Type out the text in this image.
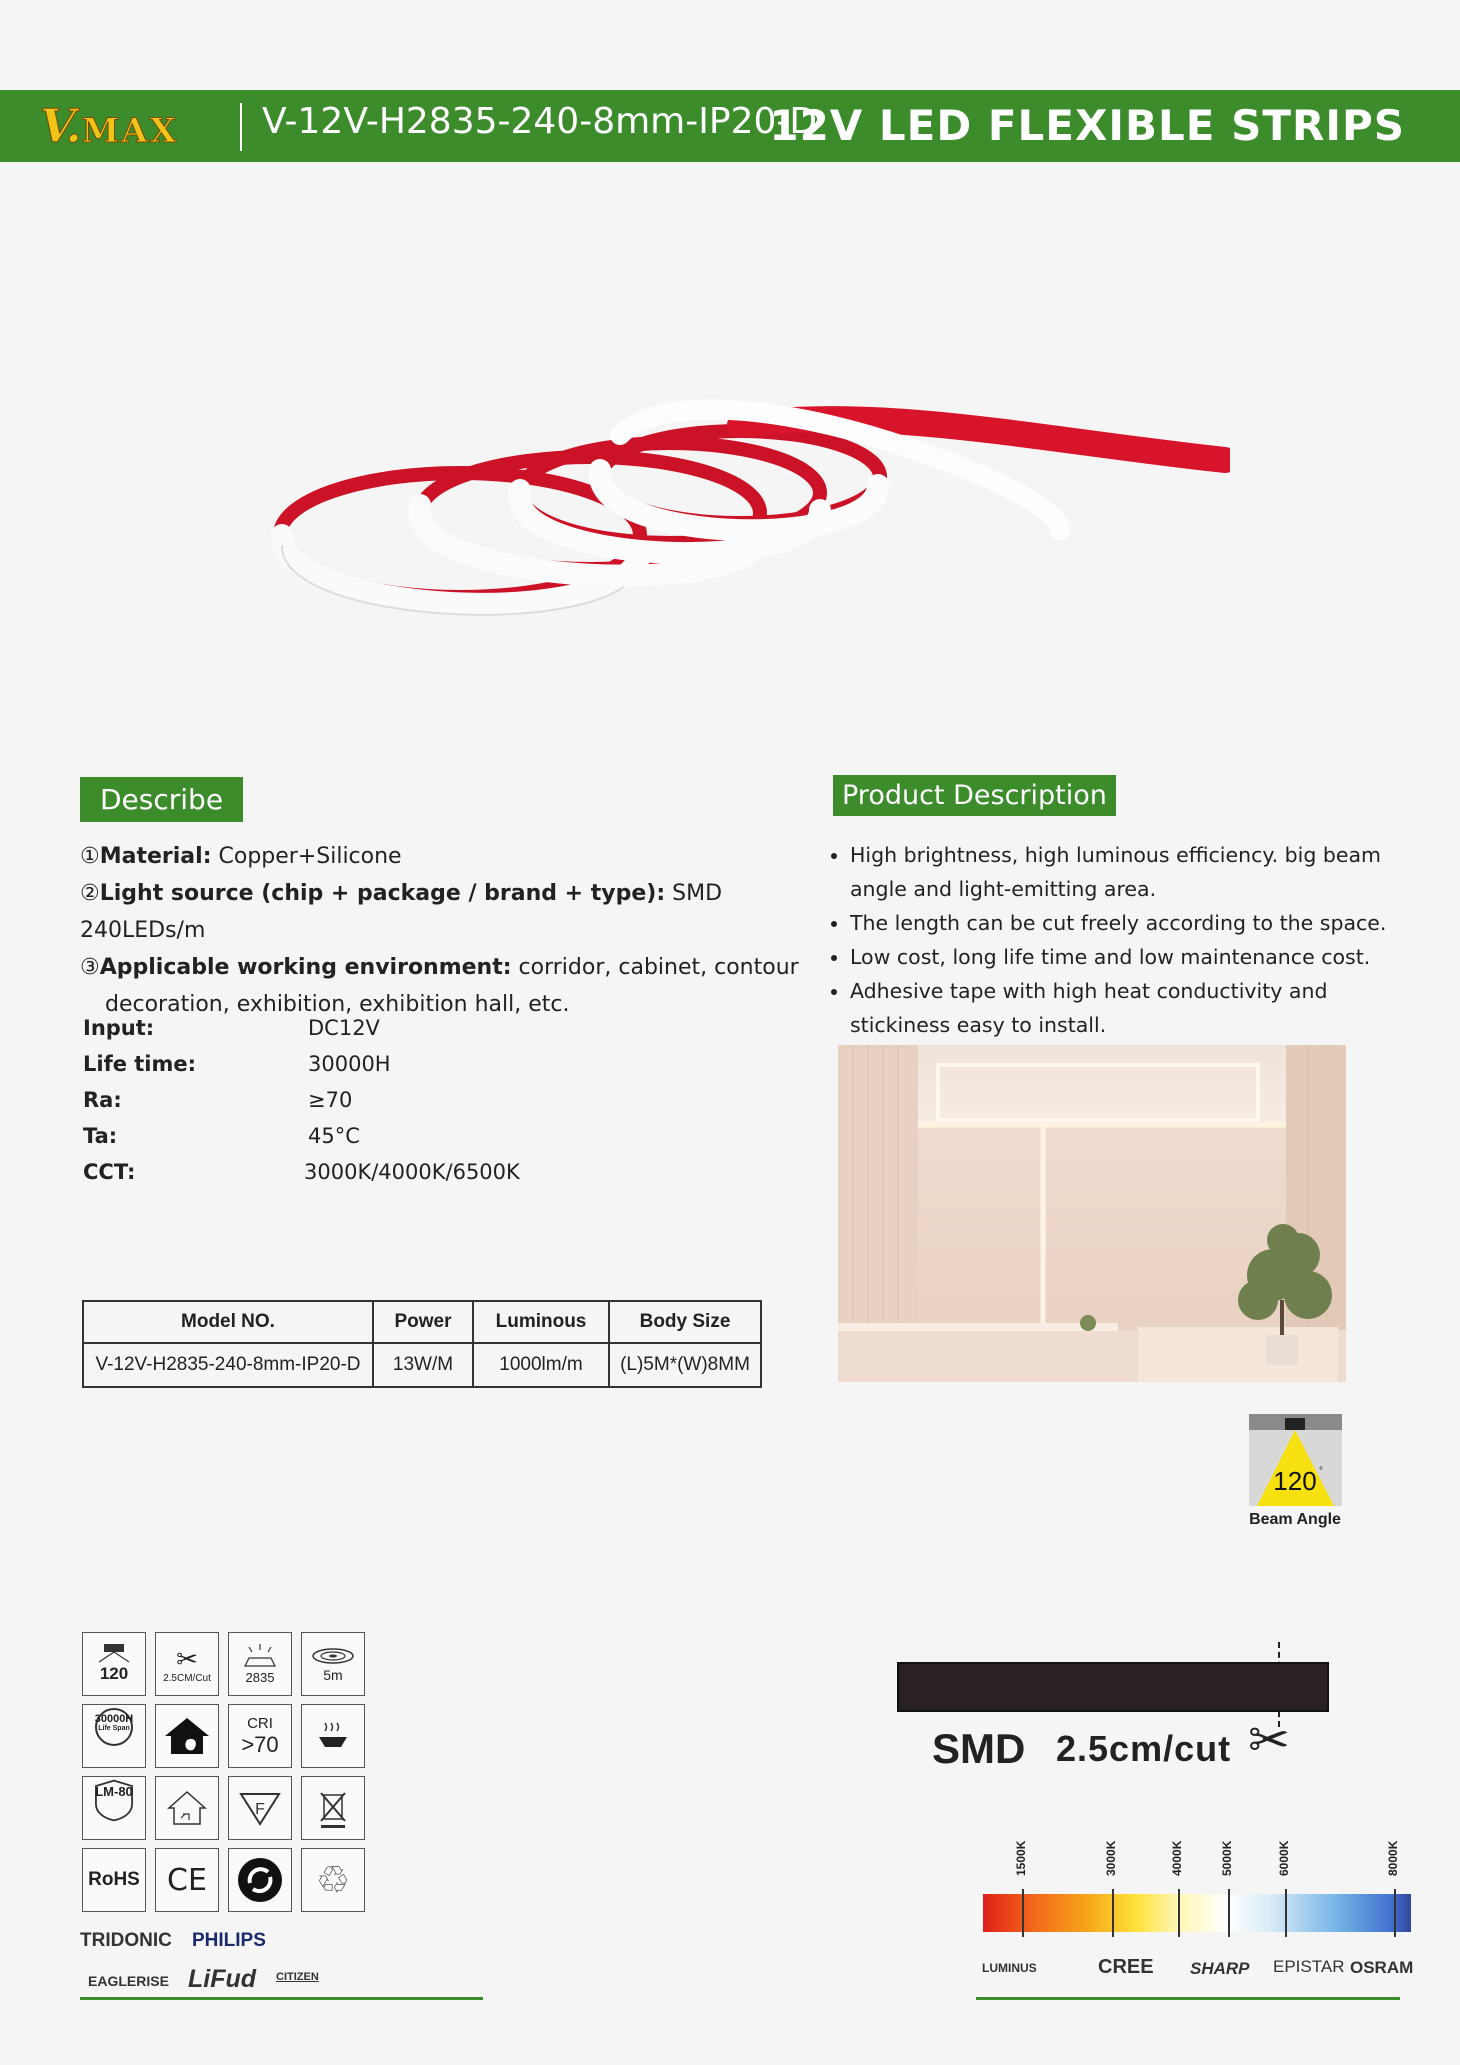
V. MAX V-12V-H2835-240-8mm-IP20-D
12V LED FLEXIBLE STRIPS
Describe
①Material: Copper+Silicone
②Light source (chip + package / brand + type): SMD 240LEDs/m
③Applicable working environment: corridor, cabinet, contour
decoration, exhibition, exhibition hall, etc.
Input:	DC12V
Life time:	30000H
Ra:	≥70
Ta:	45°C
CCT:	3000K/4000K/6500K
Model NO.	Power	Luminous	Body Size
V-12V-H2835-240-8mm-IP20-D	13W/M	1000lm/m	(L)5M*(W)8MM
Product Description
• High brightness, high luminous efficiency. big beam angle and light-emitting area.
• The length can be cut freely according to the space.
• Low cost, long life time and low maintenance cost.
• Adhesive tape with high heat conductivity and stickiness easy to install.
120 °
Beam Angle
120 ✂
2.5CM/Cut	2835	5m
30000H
Life Span	CRI
>70
LM-80
F
RoHS CE	♲
TRIDONIC PHILIPS
EAGLERISE LiFud CITIZEN
SMD 2.5cm/cut ✂
1500K	3000K	4000K	5000K	6000K	8000K
LUMINUS	CREE SHARP EPISTAR OSRAM
